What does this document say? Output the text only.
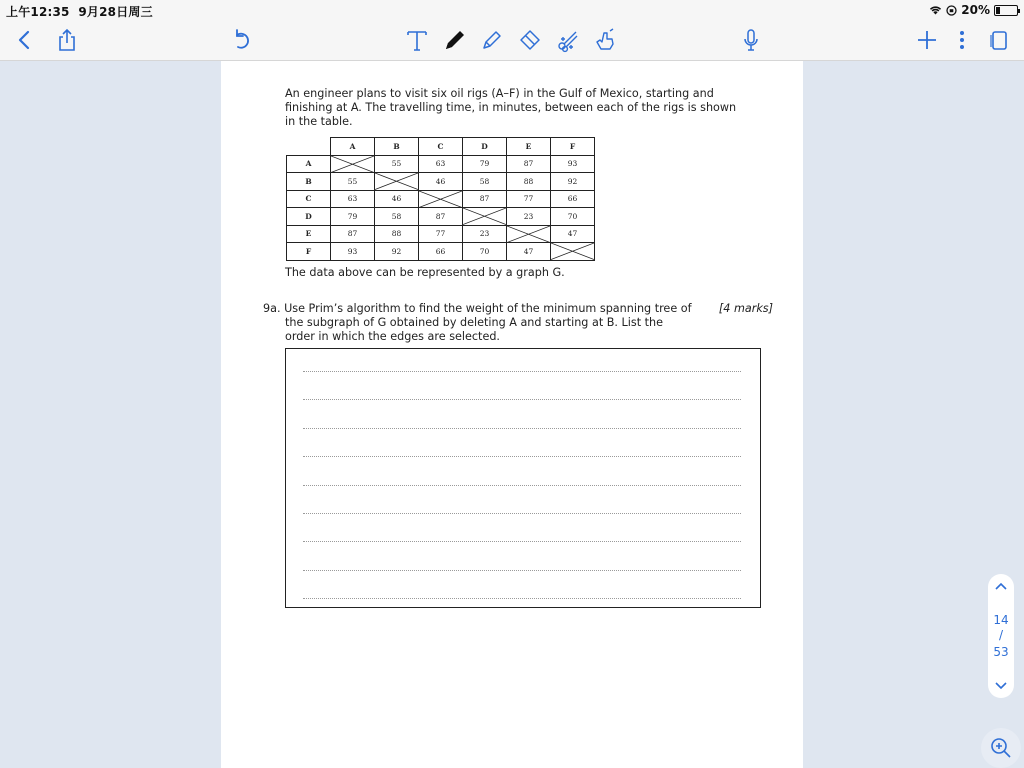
上午12:35 9月28日周三	20%
An engineer plans to visit six oil rigs (A–F) in the Gulf of Mexico, starting and
finishing at A. The travelling time, in minutes, between each of the rigs is shown
in the table.
	A	B	C	D	E	F
A		55	63	79	87	93
B	55		46	58	88	92
C	63	46		87	77	66
D	79	58	87		23	70
E	87	88	77	23		47
F	93	92	66	70	47	
The data above can be represented by a graph G.
9a. Use Prim’s algorithm to find the weight of the minimum spanning tree of [4 marks]
the subgraph of G obtained by deleting A and starting at B. List the
order in which the edges are selected.
14
/
53
